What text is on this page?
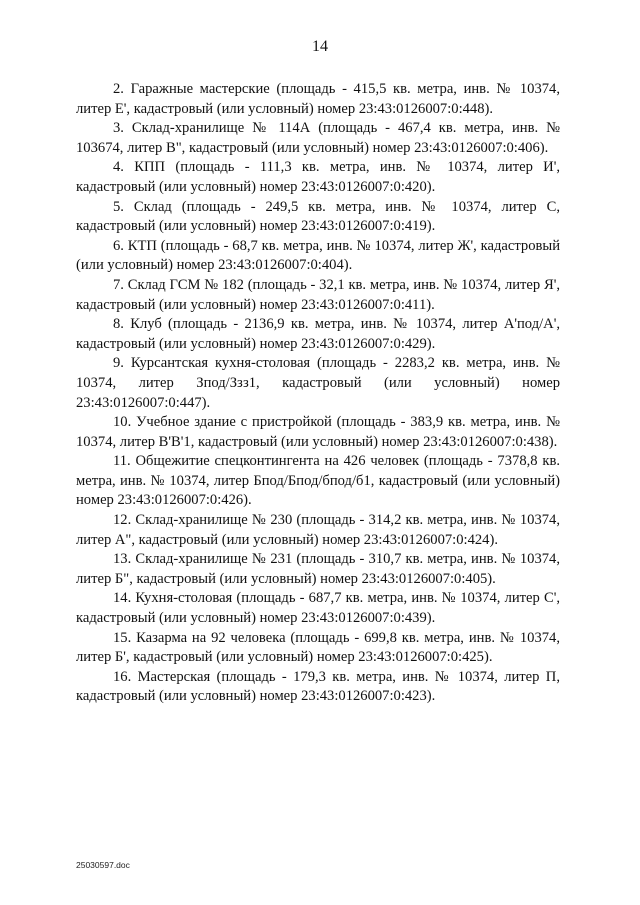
14

2. Гаражные мастерские (площадь - 415,5 кв. метра, инв. № 10374, литер Е', кадастровый (или условный) номер 23:43:0126007:0:448).

3. Склад-хранилище № 114А (площадь - 467,4 кв. метра, инв. № 103674, литер В", кадастровый (или условный) номер 23:43:0126007:0:406).

4. КПП (площадь - 111,3 кв. метра, инв. № 10374, литер И', кадастровый (или условный) номер 23:43:0126007:0:420).

5. Склад (площадь - 249,5 кв. метра, инв. № 10374, литер С, кадастровый (или условный) номер 23:43:0126007:0:419).

6. КТП (площадь - 68,7 кв. метра, инв. № 10374, литер Ж', кадастровый (или условный) номер 23:43:0126007:0:404).

7. Склад ГСМ № 182 (площадь - 32,1 кв. метра, инв. № 10374, литер Я', кадастровый (или условный) номер 23:43:0126007:0:411).

8. Клуб (площадь - 2136,9 кв. метра, инв. № 10374, литер А'под/А', кадастровый (или условный) номер 23:43:0126007:0:429).

9. Курсантская кухня-столовая (площадь - 2283,2 кв. метра, инв. № 10374, литер Зпод/Ззз1, кадастровый (или условный) номер 23:43:0126007:0:447).

10. Учебное здание с пристройкой (площадь - 383,9 кв. метра, инв. № 10374, литер В'В'1, кадастровый (или условный) номер 23:43:0126007:0:438).

11. Общежитие спецконтингента на 426 человек (площадь - 7378,8 кв. метра, инв. № 10374, литер Бпод/Бпод/бпод/б1, кадастровый (или условный) номер 23:43:0126007:0:426).

12. Склад-хранилище № 230 (площадь - 314,2 кв. метра, инв. № 10374, литер А", кадастровый (или условный) номер 23:43:0126007:0:424).

13. Склад-хранилище № 231 (площадь - 310,7 кв. метра, инв. № 10374, литер Б", кадастровый (или условный) номер 23:43:0126007:0:405).

14. Кухня-столовая (площадь - 687,7 кв. метра, инв. № 10374, литер С', кадастровый (или условный) номер 23:43:0126007:0:439).

15. Казарма на 92 человека (площадь - 699,8 кв. метра, инв. № 10374, литер Б', кадастровый (или условный) номер 23:43:0126007:0:425).

16. Мастерская (площадь - 179,3 кв. метра, инв. № 10374, литер П, кадастровый (или условный) номер 23:43:0126007:0:423).

25030597.doc
